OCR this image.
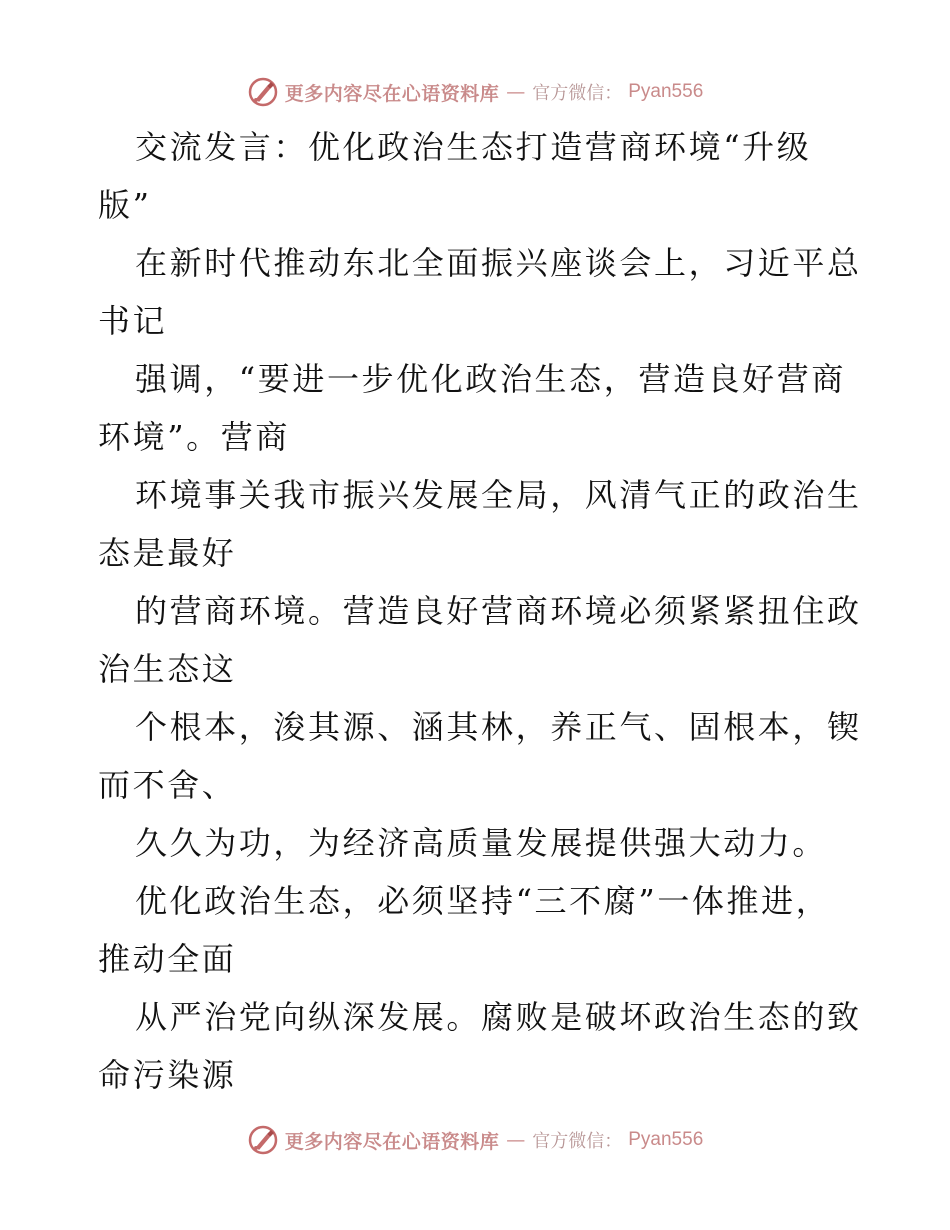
更多内容尽在心语资料库 — 官方微信： Pyan556

交流发言：优化政治生态打造营商环境“升级
版”

在新时代推动东北全面振兴座谈会上，习近平总
书记

强调，“要进一步优化政治生态，营造良好营商
环境”。营商

环境事关我市振兴发展全局，风清气正的政治生
态是最好

的营商环境。营造良好营商环境必须紧紧扭住政
治生态这

个根本，浚其源、涵其林，养正气、固根本，锲
而不舍、

久久为功，为经济高质量发展提供强大动力。

优化政治生态，必须坚持“三不腐”一体推进，
推动全面

从严治党向纵深发展。腐败是破坏政治生态的致
命污染源

更多内容尽在心语资料库 — 官方微信： Pyan556
